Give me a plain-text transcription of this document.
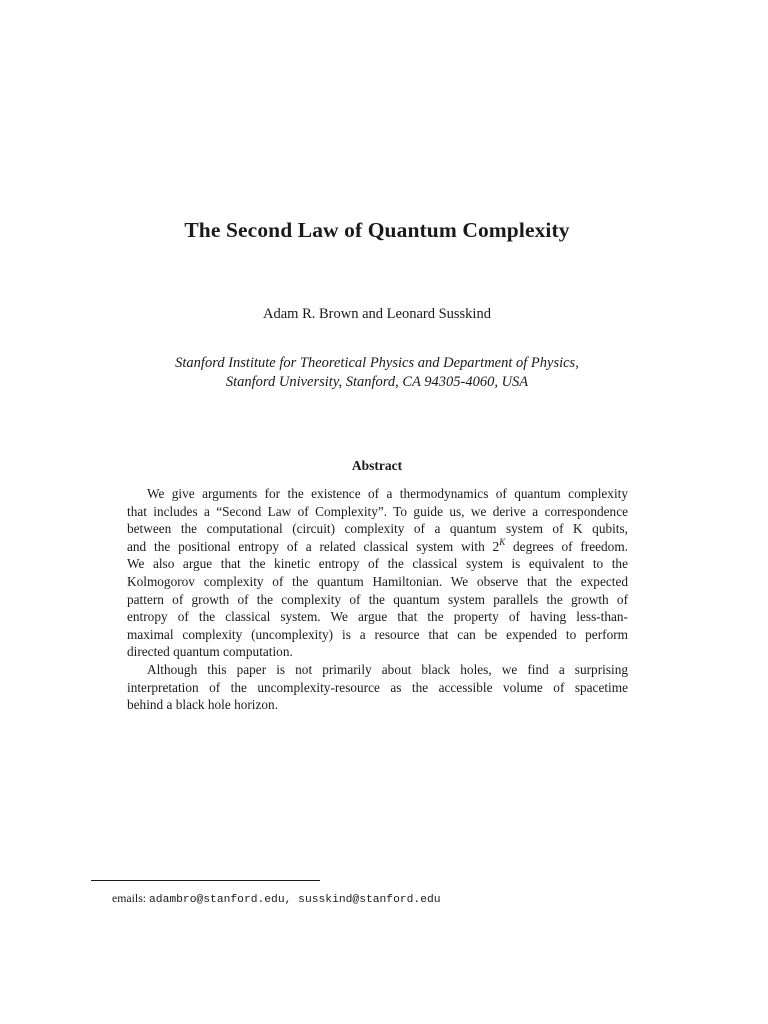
The Second Law of Quantum Complexity
Adam R. Brown and Leonard Susskind
Stanford Institute for Theoretical Physics and Department of Physics,
Stanford University, Stanford, CA 94305-4060, USA
Abstract

We give arguments for the existence of a thermodynamics of quantum complexity
that includes a “Second Law of Complexity”. To guide us, we derive a correspondence
between the computational (circuit) complexity of a quantum system of K qubits,
and the positional entropy of a related classical system with $2^K$ degrees of freedom.
We also argue that the kinetic entropy of the classical system is equivalent to the
Kolmogorov complexity of the quantum Hamiltonian. We observe that the expected
pattern of growth of the complexity of the quantum system parallels the growth of
entropy of the classical system. We argue that the property of having less-than-
maximal complexity (uncomplexity) is a resource that can be expended to perform
directed quantum computation.

Although this paper is not primarily about black holes, we find a surprising
interpretation of the uncomplexity-resource as the accessible volume of spacetime
behind a black hole horizon.

emails: adambro@stanford.edu, susskind@stanford.edu
